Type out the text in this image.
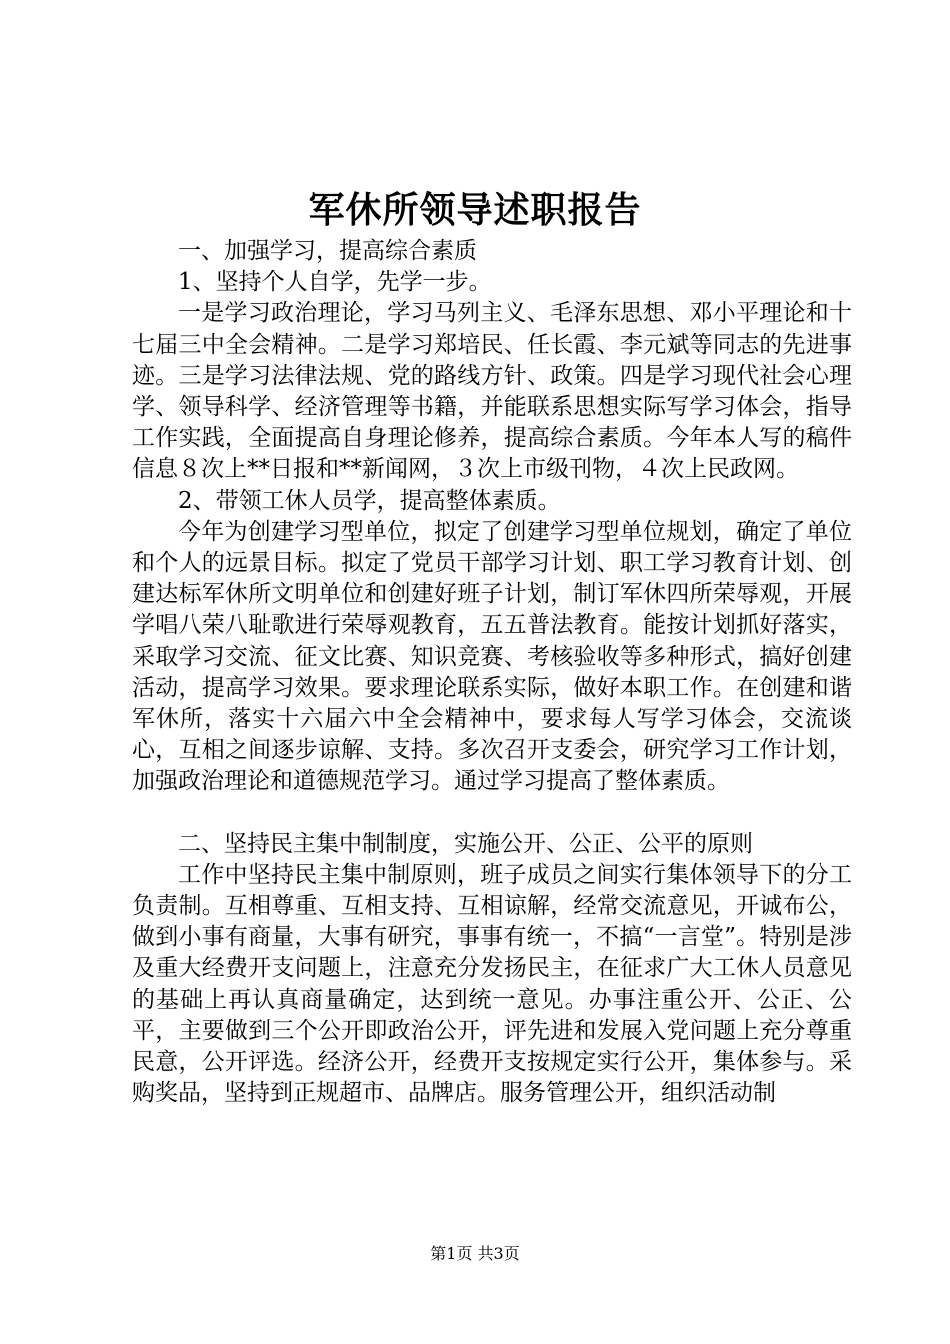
军休所领导述职报告

一、加强学习，提高综合素质

1、坚持个人自学，先学一步。

一是学习政治理论，学习马列主义、毛泽东思想、邓小平理论和十七届三中全会精神。二是学习郑培民、任长霞、李元斌等同志的先进事迹。三是学习法律法规、党的路线方针、政策。四是学习现代社会心理学、领导科学、经济管理等书籍，并能联系思想实际写学习体会，指导工作实践，全面提高自身理论修养，提高综合素质。今年本人写的稿件信息８次上**日报和**新闻网，３次上市级刊物，４次上民政网。

2、带领工休人员学，提高整体素质。

今年为创建学习型单位，拟定了创建学习型单位规划，确定了单位和个人的远景目标。拟定了党员干部学习计划、职工学习教育计划、创建达标军休所文明单位和创建好班子计划，制订军休四所荣辱观，开展学唱八荣八耻歌进行荣辱观教育，五五普法教育。能按计划抓好落实，采取学习交流、征文比赛、知识竞赛、考核验收等多种形式，搞好创建活动，提高学习效果。要求理论联系实际，做好本职工作。在创建和谐军休所，落实十六届六中全会精神中，要求每人写学习体会，交流谈心，互相之间逐步谅解、支持。多次召开支委会，研究学习工作计划，加强政治理论和道德规范学习。通过学习提高了整体素质。

二、坚持民主集中制制度，实施公开、公正、公平的原则

工作中坚持民主集中制原则，班子成员之间实行集体领导下的分工负责制。互相尊重、互相支持、互相谅解，经常交流意见，开诚布公，做到小事有商量，大事有研究，事事有统一，不搞“一言堂”。特别是涉及重大经费开支问题上，注意充分发扬民主，在征求广大工休人员意见的基础上再认真商量确定，达到统一意见。办事注重公开、公正、公平，主要做到三个公开即政治公开，评先进和发展入党问题上充分尊重民意，公开评选。经济公开，经费开支按规定实行公开，集体参与。采购奖品，坚持到正规超市、品牌店。服务管理公开，组织活动制

第1页 共3页
